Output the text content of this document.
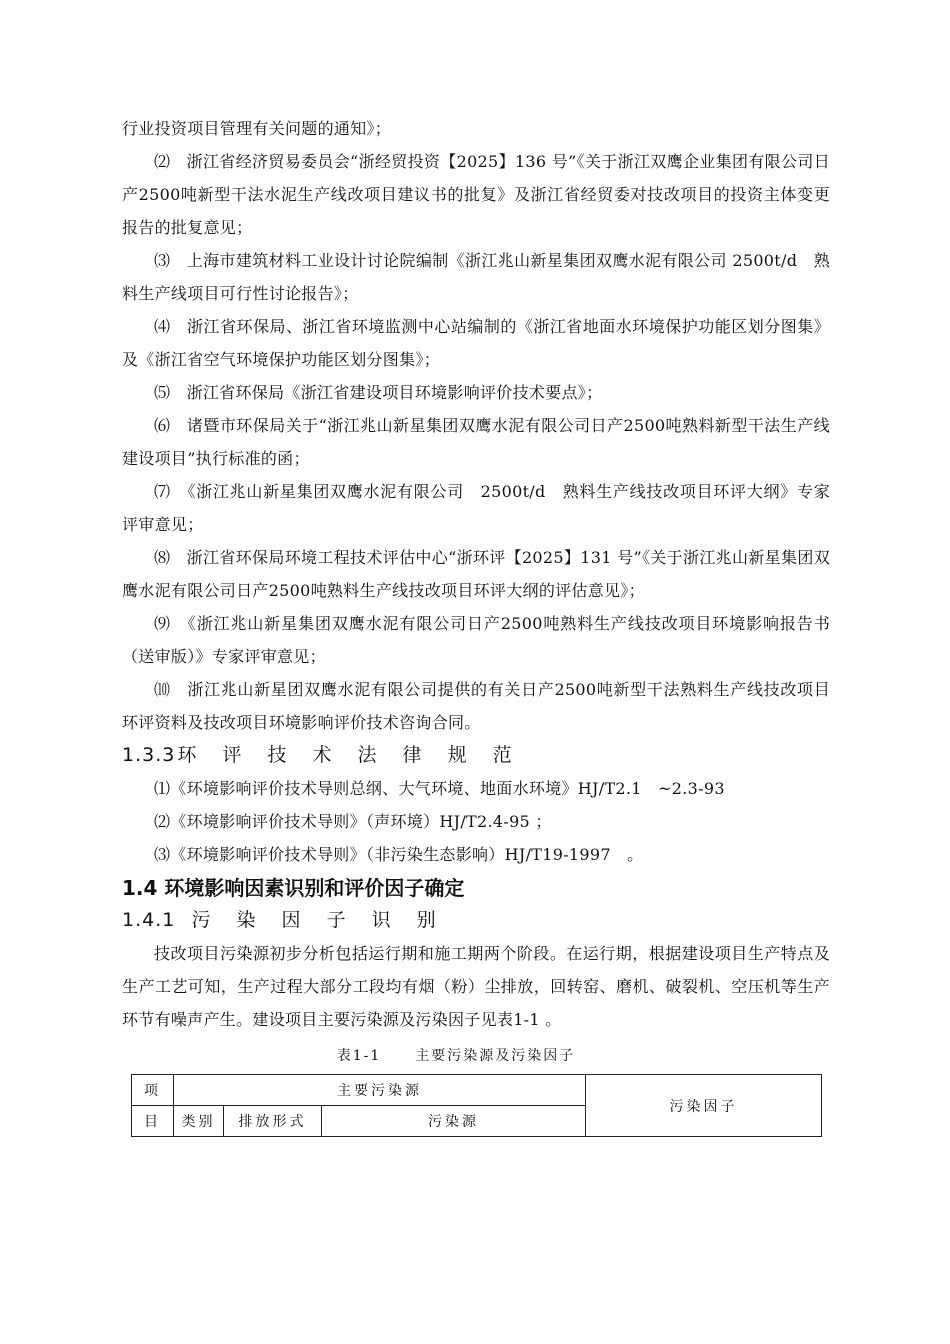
行业投资项目管理有关问题的通知》；

⑵　浙江省经济贸易委员会“浙经贸投资【2025】136 号”《关于浙江双鹰企业集团有限公司日产2500吨新型干法水泥生产线改项目建议书的批复》及浙江省经贸委对技改项目的投资主体变更报告的批复意见；

⑶　上海市建筑材料工业设计讨论院编制《浙江兆山新星集团双鹰水泥有限公司 2500t/d　熟料生产线项目可行性讨论报告》；

⑷　浙江省环保局、浙江省环境监测中心站编制的《浙江省地面水环境保护功能区划分图集》及《浙江省空气环境保护功能区划分图集》；

⑸　浙江省环保局《浙江省建设项目环境影响评价技术要点》；

⑹　诸暨市环保局关于“浙江兆山新星集团双鹰水泥有限公司日产2500吨熟料新型干法生产线建设项目”执行标准的函；

⑺　《浙江兆山新星集团双鹰水泥有限公司　2500t/d　熟料生产线技改项目环评大纲》专家评审意见；

⑻　浙江省环保局环境工程技术评估中心“浙环评【2025】131 号”《关于浙江兆山新星集团双鹰水泥有限公司日产2500吨熟料生产线技改项目环评大纲的评估意见》；

⑼　《浙江兆山新星集团双鹰水泥有限公司日产2500吨熟料生产线技改项目环境影响报告书（送审版）》专家评审意见；

⑽　浙江兆山新星团双鹰水泥有限公司提供的有关日产2500吨新型干法熟料生产线技改项目环评资料及技改项目环境影响评价技术咨询合同。

1.3.3 环 评 技 术 法 律 规 范

⑴《环境影响评价技术导则总纲、大气环境、地面水环境》HJ/T2.1　~2.3-93

⑵《环境影响评价技术导则》（声环境）HJ/T2.4-95 ；

⑶《环境影响评价技术导则》（非污染生态影响）HJ/T19-1997　。

1.4 环境影响因素识别和评价因子确定
1.4.1 污 染 因 子 识 别

技改项目污染源初步分析包括运行期和施工期两个阶段。在运行期，根据建设项目生产特点及生产工艺可知，生产过程大部分工段均有烟（粉）尘排放，回转窑、磨机、破裂机、空压机等生产环节有噪声产生。建设项目主要污染源及污染因子见表1-1 。

表1-1 主要污染源及污染因子
项	主要污染源			污染因子
目	类别	排放形式	污染源	
